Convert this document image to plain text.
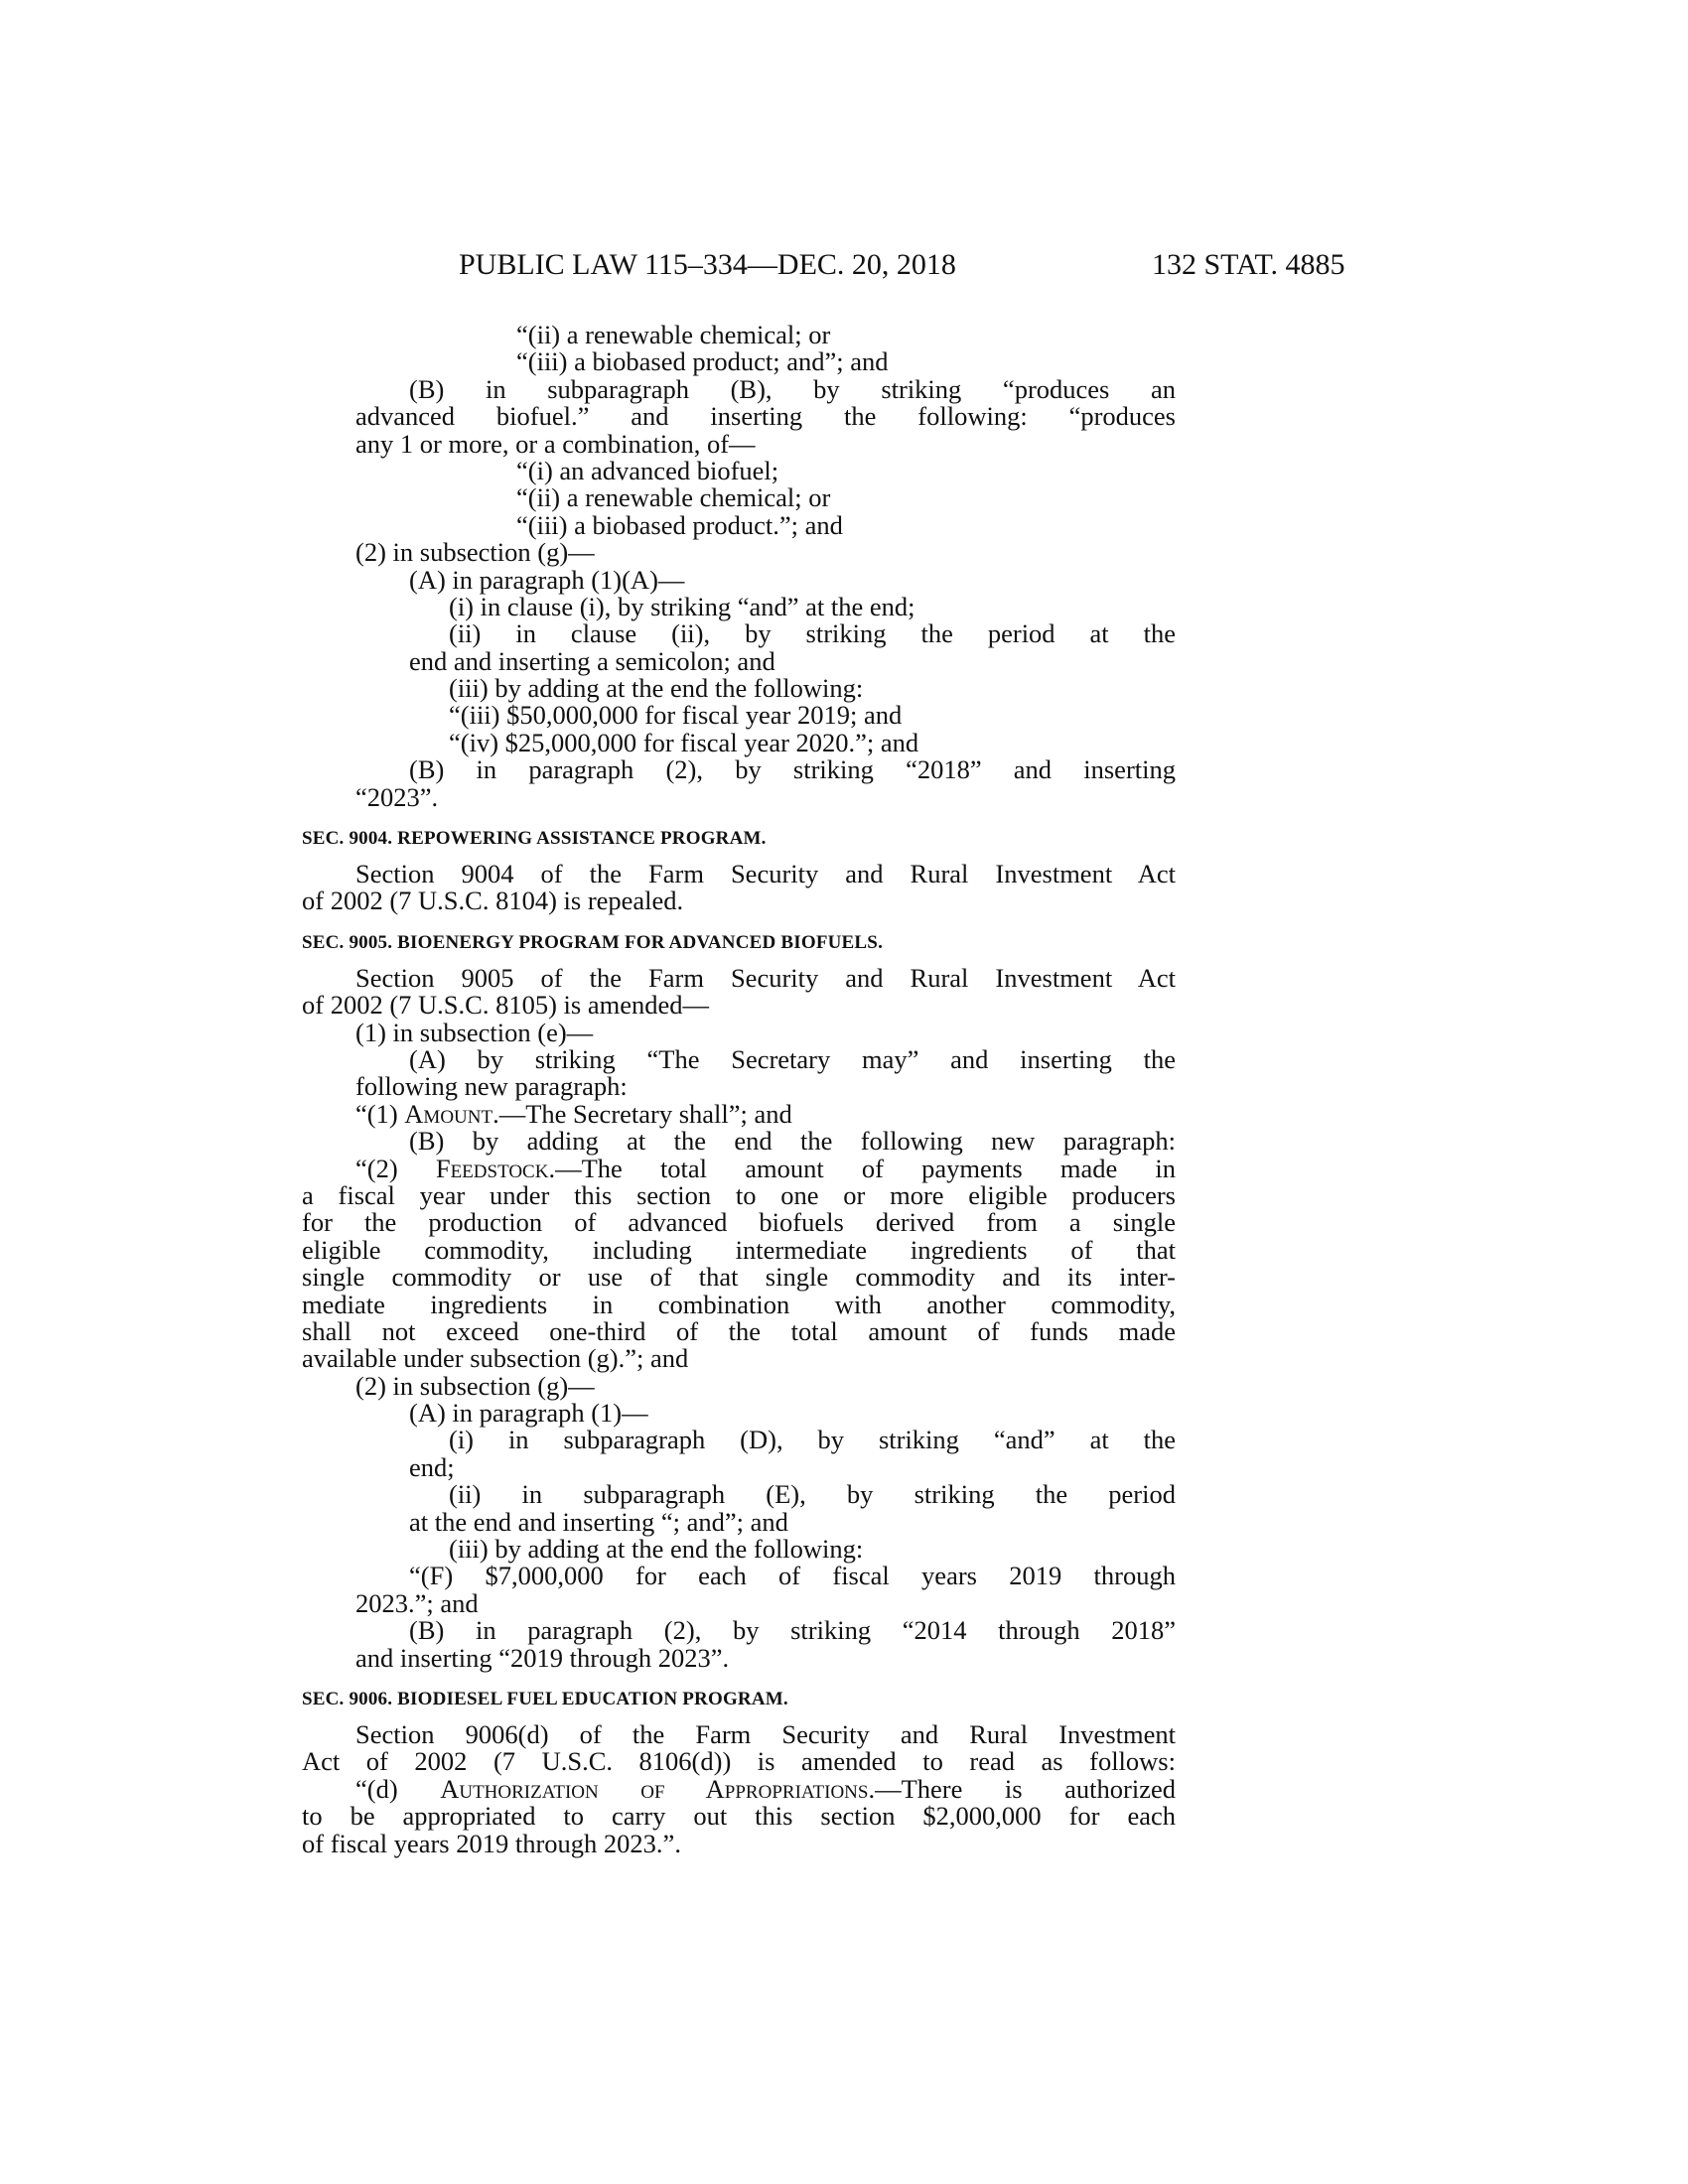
PUBLIC LAW 115–334—DEC. 20, 2018	132 STAT. 4885
“(ii) a renewable chemical; or
“(iii) a biobased product; and”; and
(B) in subparagraph (B), by striking “produces an
advanced biofuel.” and inserting the following: “produces
any 1 or more, or a combination, of—
“(i) an advanced biofuel;
“(ii) a renewable chemical; or
“(iii) a biobased product.”; and
(2) in subsection (g)—
(A) in paragraph (1)(A)—
(i) in clause (i), by striking “and” at the end;
(ii) in clause (ii), by striking the period at the
end and inserting a semicolon; and
(iii) by adding at the end the following:
“(iii) $50,000,000 for fiscal year 2019; and
“(iv) $25,000,000 for fiscal year 2020.”; and
(B) in paragraph (2), by striking “2018” and inserting
“2023”.
SEC. 9004. REPOWERING ASSISTANCE PROGRAM.
Section 9004 of the Farm Security and Rural Investment Act
of 2002 (7 U.S.C. 8104) is repealed.
SEC. 9005. BIOENERGY PROGRAM FOR ADVANCED BIOFUELS.
Section 9005 of the Farm Security and Rural Investment Act
of 2002 (7 U.S.C. 8105) is amended—
(1) in subsection (e)—
(A) by striking “The Secretary may” and inserting the
following new paragraph:
“(1) Amount.—The Secretary shall”; and
(B) by adding at the end the following new paragraph:
“(2) Feedstock.—The total amount of payments made in
a fiscal year under this section to one or more eligible producers
for the production of advanced biofuels derived from a single
eligible commodity, including intermediate ingredients of that
single commodity or use of that single commodity and its inter-
mediate ingredients in combination with another commodity,
shall not exceed one-third of the total amount of funds made
available under subsection (g).”; and
(2) in subsection (g)—
(A) in paragraph (1)—
(i) in subparagraph (D), by striking “and” at the
end;
(ii) in subparagraph (E), by striking the period
at the end and inserting “; and”; and
(iii) by adding at the end the following:
“(F) $7,000,000 for each of fiscal years 2019 through
2023.”; and
(B) in paragraph (2), by striking “2014 through 2018”
and inserting “2019 through 2023”.
SEC. 9006. BIODIESEL FUEL EDUCATION PROGRAM.
Section 9006(d) of the Farm Security and Rural Investment
Act of 2002 (7 U.S.C. 8106(d)) is amended to read as follows:
“(d) Authorization of Appropriations.—There is authorized
to be appropriated to carry out this section $2,000,000 for each
of fiscal years 2019 through 2023.”.
